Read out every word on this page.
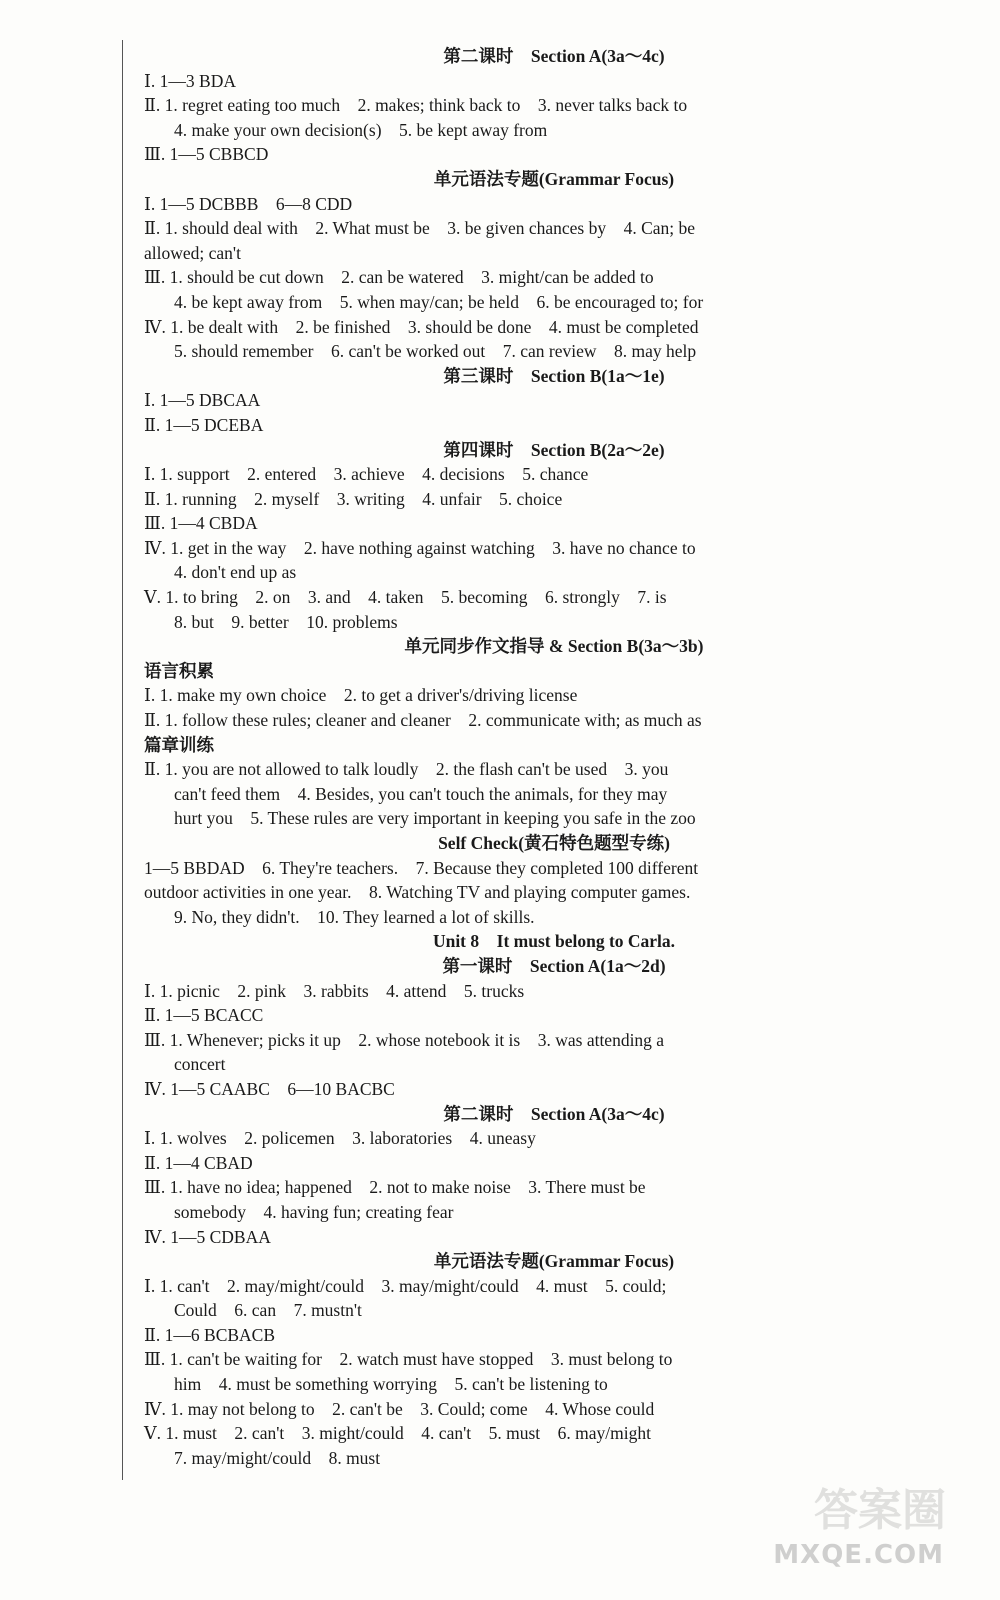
第二课时　Section A(3a～4c)
Ⅰ. 1—3 BDA
Ⅱ. 1. regret eating too much　2. makes; think back to　3. never talks back to
4. make your own decision(s)　5. be kept away from
Ⅲ. 1—5 CBBCD
单元语法专题(Grammar Focus)
Ⅰ. 1—5 DCBBB　6—8 CDD
Ⅱ. 1. should deal with　2. What must be　3. be given chances by　4. Can; be
allowed; can't
Ⅲ. 1. should be cut down　2. can be watered　3. might/can be added to
4. be kept away from　5. when may/can; be held　6. be encouraged to; for
Ⅳ. 1. be dealt with　2. be finished　3. should be done　4. must be completed
5. should remember　6. can't be worked out　7. can review　8. may help
第三课时　Section B(1a～1e)
Ⅰ. 1—5 DBCAA
Ⅱ. 1—5 DCEBA
第四课时　Section B(2a～2e)
Ⅰ. 1. support　2. entered　3. achieve　4. decisions　5. chance
Ⅱ. 1. running　2. myself　3. writing　4. unfair　5. choice
Ⅲ. 1—4 CBDA
Ⅳ. 1. get in the way　2. have nothing against watching　3. have no chance to
4. don't end up as
Ⅴ. 1. to bring　2. on　3. and　4. taken　5. becoming　6. strongly　7. is
8. but　9. better　10. problems
单元同步作文指导 & Section B(3a～3b)
语言积累
Ⅰ. 1. make my own choice　2. to get a driver's/driving license
Ⅱ. 1. follow these rules; cleaner and cleaner　2. communicate with; as much as
篇章训练
Ⅱ. 1. you are not allowed to talk loudly　2. the flash can't be used　3. you
can't feed them　4. Besides, you can't touch the animals, for they may
hurt you　5. These rules are very important in keeping you safe in the zoo
Self Check(黄石特色题型专练)
1—5 BBDAD　6. They're teachers.　7. Because they completed 100 different
outdoor activities in one year.　8. Watching TV and playing computer games.
9. No, they didn't.　10. They learned a lot of skills.
Unit 8　It must belong to Carla.
第一课时　Section A(1a～2d)
Ⅰ. 1. picnic　2. pink　3. rabbits　4. attend　5. trucks
Ⅱ. 1—5 BCACC
Ⅲ. 1. Whenever; picks it up　2. whose notebook it is　3. was attending a
concert
Ⅳ. 1—5 CAABC　6—10 BACBC
第二课时　Section A(3a～4c)
Ⅰ. 1. wolves　2. policemen　3. laboratories　4. uneasy
Ⅱ. 1—4 CBAD
Ⅲ. 1. have no idea; happened　2. not to make noise　3. There must be
somebody　4. having fun; creating fear
Ⅳ. 1—5 CDBAA
单元语法专题(Grammar Focus)
Ⅰ. 1. can't　2. may/might/could　3. may/might/could　4. must　5. could;
Could　6. can　7. mustn't
Ⅱ. 1—6 BCBACB
Ⅲ. 1. can't be waiting for　2. watch must have stopped　3. must belong to
him　4. must be something worrying　5. can't be listening to
Ⅳ. 1. may not belong to　2. can't be　3. Could; come　4. Whose could
Ⅴ. 1. must　2. can't　3. might/could　4. can't　5. must　6. may/might
7. may/might/could　8. must
答案圈
MXQE.COM
